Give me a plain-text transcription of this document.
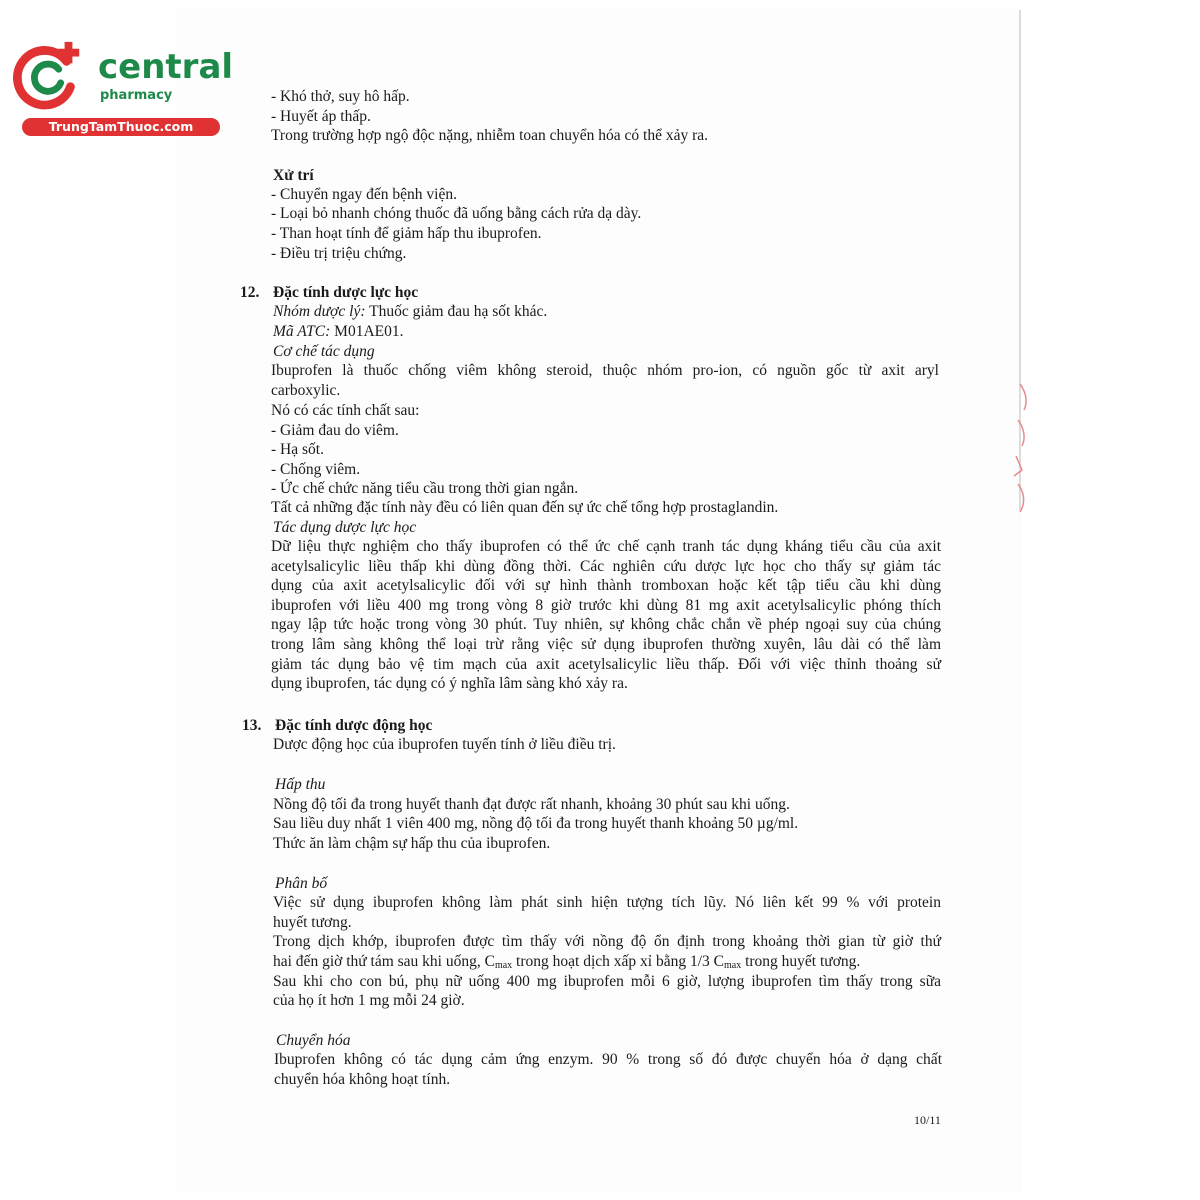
central
pharmacy
TrungTamThuoc.com
- Khó thở, suy hô hấp.
- Huyết áp thấp.
Trong trường hợp ngộ độc nặng, nhiễm toan chuyển hóa có thể xảy ra.
Xử trí
- Chuyển ngay đến bệnh viện.
- Loại bỏ nhanh chóng thuốc đã uống bằng cách rửa dạ dày.
- Than hoạt tính để giảm hấp thu ibuprofen.
- Điều trị triệu chứng.
12. Đặc tính dược lực học
Nhóm dược lý: Thuốc giảm đau hạ sốt khác.
Mã ATC: M01AE01.
Cơ chế tác dụng
Ibuprofen là thuốc chống viêm không steroid, thuộc nhóm pro-ion, có nguồn gốc từ axit aryl
carboxylic.
Nó có các tính chất sau:
- Giảm đau do viêm.
- Hạ sốt.
- Chống viêm.
- Ức chế chức năng tiểu cầu trong thời gian ngắn.
Tất cả những đặc tính này đều có liên quan đến sự ức chế tổng hợp prostaglandin.
Tác dụng dược lực học
Dữ liệu thực nghiệm cho thấy ibuprofen có thể ức chế cạnh tranh tác dụng kháng tiểu cầu của axit
acetylsalicylic liều thấp khi dùng đồng thời. Các nghiên cứu dược lực học cho thấy sự giảm tác
dụng của axit acetylsalicylic đối với sự hình thành tromboxan hoặc kết tập tiểu cầu khi dùng
ibuprofen với liều 400 mg trong vòng 8 giờ trước khi dùng 81 mg axit acetylsalicylic phóng thích
ngay lập tức hoặc trong vòng 30 phút. Tuy nhiên, sự không chắc chắn về phép ngoại suy của chúng
trong lâm sàng không thể loại trừ rằng việc sử dụng ibuprofen thường xuyên, lâu dài có thể làm
giảm tác dụng bảo vệ tim mạch của axit acetylsalicylic liều thấp. Đối với việc thỉnh thoảng sử
dụng ibuprofen, tác dụng có ý nghĩa lâm sàng khó xảy ra.
13. Đặc tính dược động học
Dược động học của ibuprofen tuyến tính ở liều điều trị.
Hấp thu
Nồng độ tối đa trong huyết thanh đạt được rất nhanh, khoảng 30 phút sau khi uống.
Sau liều duy nhất 1 viên 400 mg, nồng độ tối đa trong huyết thanh khoảng 50 µg/ml.
Thức ăn làm chậm sự hấp thu của ibuprofen.
Phân bố
Việc sử dụng ibuprofen không làm phát sinh hiện tượng tích lũy. Nó liên kết 99 % với protein
huyết tương.
Trong dịch khớp, ibuprofen được tìm thấy với nồng độ ổn định trong khoảng thời gian từ giờ thứ
hai đến giờ thứ tám sau khi uống, $C_{max}$ trong hoạt dịch xấp xỉ bằng 1/3 $C_{max}$ trong huyết tương.
Sau khi cho con bú, phụ nữ uống 400 mg ibuprofen mỗi 6 giờ, lượng ibuprofen tìm thấy trong sữa
của họ ít hơn 1 mg mỗi 24 giờ.
Chuyển hóa
Ibuprofen không có tác dụng cảm ứng enzym. 90 % trong số đó được chuyển hóa ở dạng chất
chuyển hóa không hoạt tính.
10/11
